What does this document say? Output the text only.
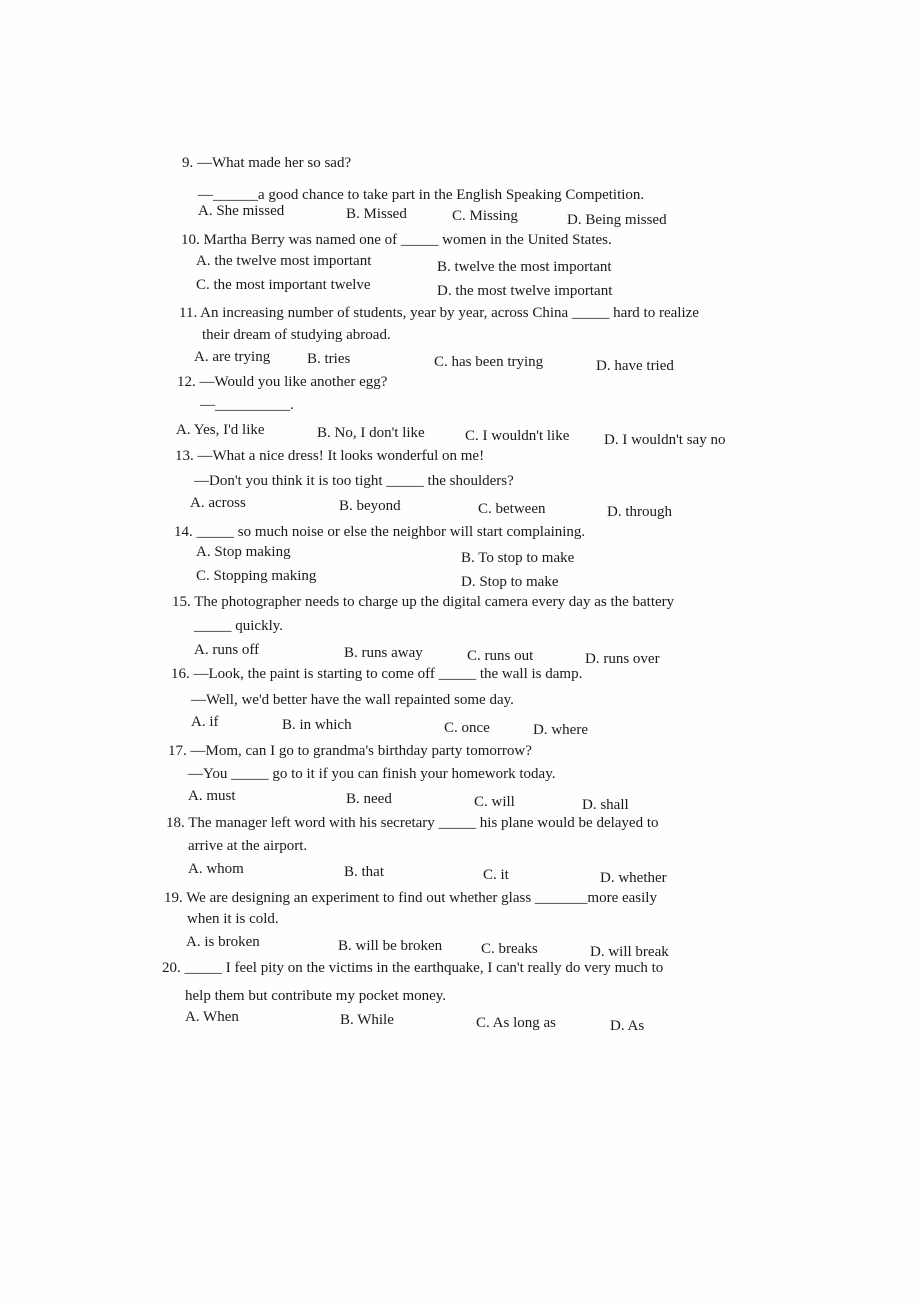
9. —What made her so sad?
—______a good chance to take part in the English Speaking Competition.
A. She missed	B. Missed	C. Missing	D. Being missed
10. Martha Berry was named one of _____ women in the United States.
A. the twelve most important	B. twelve the most important
C. the most important twelve	D. the most twelve important
11. An increasing number of students, year by year, across China _____ hard to realize
their dream of studying abroad.
A. are trying B. tries	C. has been trying	D. have tried
12. —Would you like another egg?
—__________.
A. Yes, I'd like	B. No, I don't like	C. I wouldn't like D. I wouldn't say no
13. —What a nice dress! It looks wonderful on me!
—Don't you think it is too tight _____ the shoulders?
A. across	B. beyond	C. between	D. through
14. _____ so much noise or else the neighbor will start complaining.
A. Stop making	B. To stop to make
C. Stopping making	D. Stop to make
15. The photographer needs to charge up the digital camera every day as the battery
_____ quickly.
A. runs off	B. runs away	C. runs out	D. runs over
16. —Look, the paint is starting to come off _____ the wall is damp.
—Well, we'd better have the wall repainted some day.
A. if	B. in which	C. once	D. where
17. —Mom, can I go to grandma's birthday party tomorrow?
—You _____ go to it if you can finish your homework today.
A. must	B. need	C. will	D. shall
18. The manager left word with his secretary _____ his plane would be delayed to
arrive at the airport.
A. whom	B. that	C. it	D. whether
19. We are designing an experiment to find out whether glass _______more easily
when it is cold.
A. is broken	B. will be broken	C. breaks	D. will break
20. _____ I feel pity on the victims in the earthquake, I can't really do very much to
help them but contribute my pocket money.
A. When	B. While	C. As long as	D. As
